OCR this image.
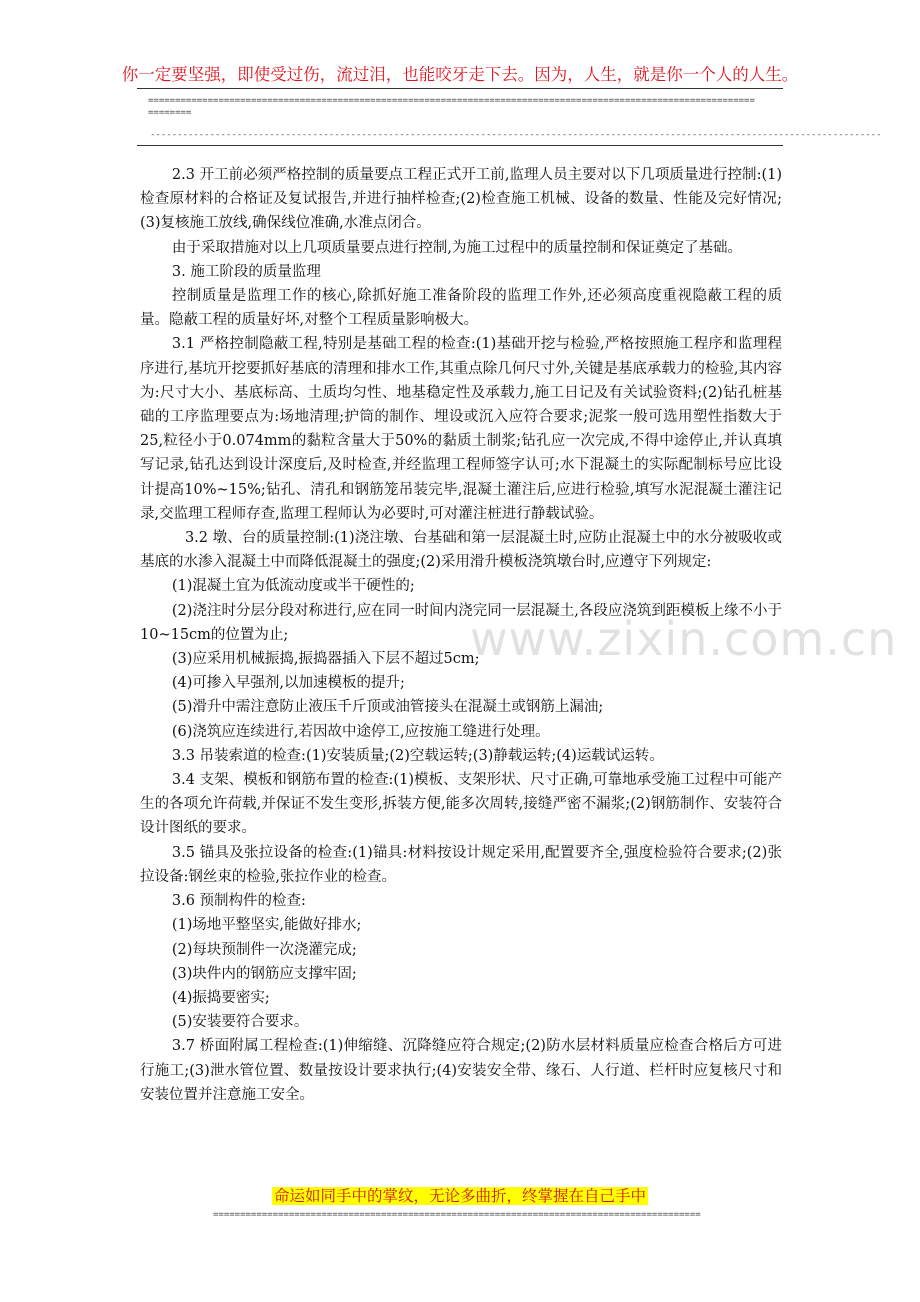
你一定要坚强，即使受过伤，流过泪，也能咬牙走下去。因为，人生，就是你一个人的人生。
================================================================================================================
========
---------------------------------------------------------------------------------------------------------------------------------------

2.3 开工前必须严格控制的质量要点工程正式开工前,监理人员主要对以下几项质量进行控制:(1)检查原材料的合格证及复试报告,并进行抽样检查;(2)检查施工机械、设备的数量、性能及完好情况;(3)复核施工放线,确保线位准确,水准点闭合。

由于采取措施对以上几项质量要点进行控制,为施工过程中的质量控制和保证奠定了基础。

3. 施工阶段的质量监理

控制质量是监理工作的核心,除抓好施工准备阶段的监理工作外,还必须高度重视隐蔽工程的质量。隐蔽工程的质量好坏,对整个工程质量影响极大。

3.1 严格控制隐蔽工程,特别是基础工程的检查:(1)基础开挖与检验,严格按照施工程序和监理程序进行,基坑开挖要抓好基底的清理和排水工作,其重点除几何尺寸外,关键是基底承载力的检验,其内容为:尺寸大小、基底标高、土质均匀性、地基稳定性及承载力,施工日记及有关试验资料;(2)钻孔桩基础的工序监理要点为:场地清理;护筒的制作、埋设或沉入应符合要求;泥浆一般可选用塑性指数大于25,粒径小于0.074mm的黏粒含量大于50%的黏质土制浆;钻孔应一次完成,不得中途停止,并认真填写记录,钻孔达到设计深度后,及时检查,并经监理工程师签字认可;水下混凝土的实际配制标号应比设计提高10%~15%;钻孔、清孔和钢筋笼吊装完毕,混凝土灌注后,应进行检验,填写水泥混凝土灌注记录,交监理工程师存查,监理工程师认为必要时,可对灌注桩进行静载试验。

3.2 墩、台的质量控制:(1)浇注墩、台基础和第一层混凝土时,应防止混凝土中的水分被吸收或基底的水渗入混凝土中而降低混凝土的强度;(2)采用滑升模板浇筑墩台时,应遵守下列规定:

(1)混凝土宜为低流动度或半干硬性的;

(2)浇注时分层分段对称进行,应在同一时间内浇完同一层混凝土,各段应浇筑到距模板上缘不小于10~15cm的位置为止;

(3)应采用机械振捣,振捣器插入下层不超过5cm;

(4)可掺入早强剂,以加速模板的提升;

(5)滑升中需注意防止液压千斤顶或油管接头在混凝土或钢筋上漏油;

(6)浇筑应连续进行,若因故中途停工,应按施工缝进行处理。

3.3 吊装索道的检查:(1)安装质量;(2)空载运转;(3)静载运转;(4)运载试运转。

3.4 支架、模板和钢筋布置的检查:(1)模板、支架形状、尺寸正确,可靠地承受施工过程中可能产生的各项允许荷载,并保证不发生变形,拆装方便,能多次周转,接缝严密不漏浆;(2)钢筋制作、安装符合设计图纸的要求。

3.5 锚具及张拉设备的检查:(1)锚具:材料按设计规定采用,配置要齐全,强度检验符合要求;(2)张拉设备:钢丝束的检验,张拉作业的检查。

3.6 预制构件的检查:

(1)场地平整坚实,能做好排水;

(2)每块预制件一次浇灌完成;

(3)块件内的钢筋应支撑牢固;

(4)振捣要密实;

(5)安装要符合要求。

3.7 桥面附属工程检查:(1)伸缩缝、沉降缝应符合规定;(2)防水层材料质量应检查合格后方可进行施工;(3)泄水管位置、数量按设计要求执行;(4)安装安全带、缘石、人行道、栏杆时应复核尺寸和安装位置并注意施工安全。

www.zixin.com.cn
命运如同手中的掌纹，无论多曲折，终掌握在自己手中
==========================================================================================
